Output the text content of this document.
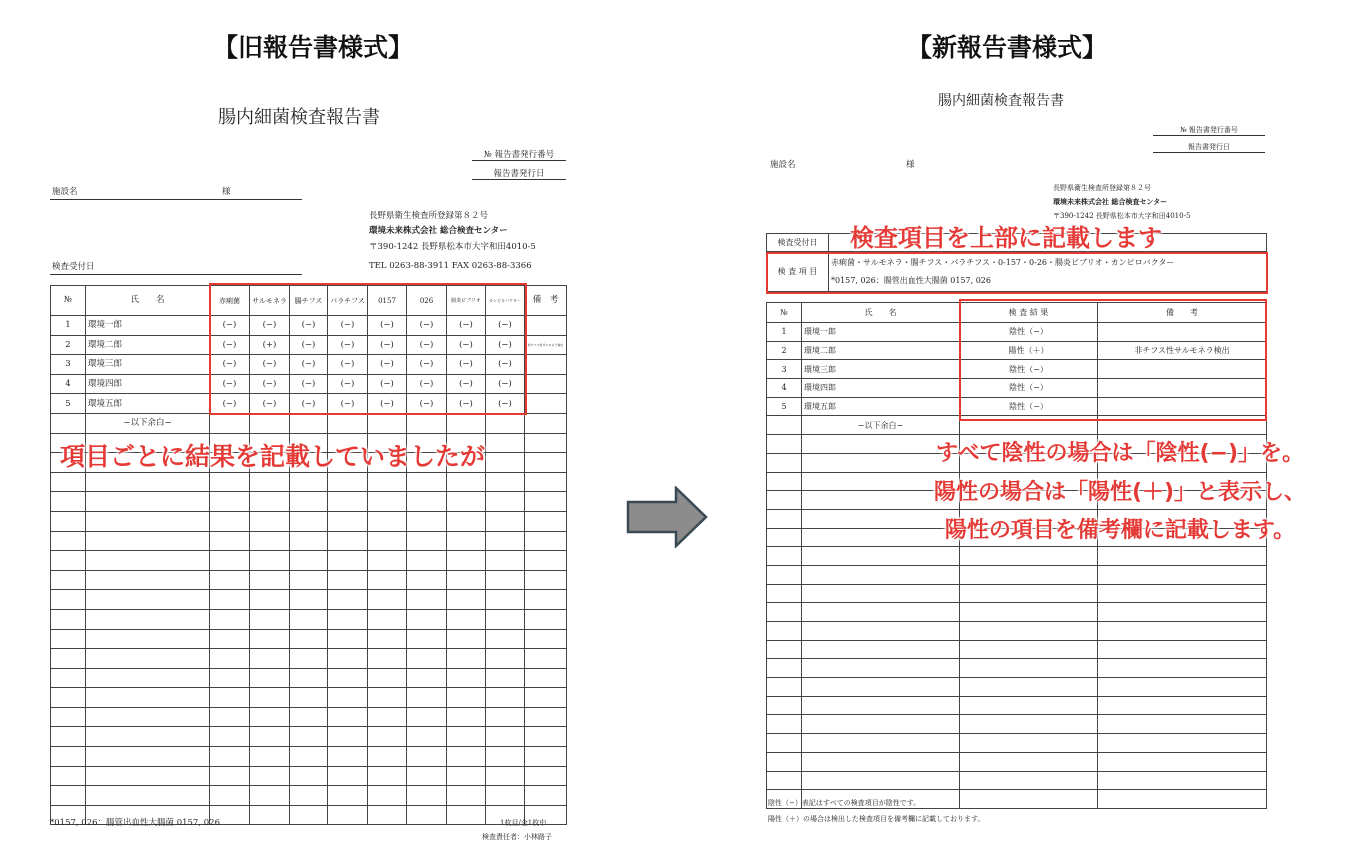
【旧報告書様式】
腸内細菌検査報告書
№ 報告書発行番号
報告書発行日
施設名	様
長野県衛生検査所登録第８２号
環境未来株式会社 総合検査センター
〒390-1242 長野県松本市大字和田4010-5
TEL 0263-88-3911 FAX 0263-88-3366
検査受付日
№	氏　　名	赤痢菌	サルモネラ	腸チフス	パラチフス	0157	026	腸炎ビブリオ	カンピロバクター	備　考
1	環境一郎	(−)	(−)	(−)	(−)	(−)	(−)	(−)	(−)	
2	環境二郎	(−)	(+)	(−)	(−)	(−)	(−)	(−)	(−)	非チフス性サルモネラ検出
3	環境三郎	(−)	(−)	(−)	(−)	(−)	(−)	(−)	(−)	
4	環境四郎	(−)	(−)	(−)	(−)	(−)	(−)	(−)	(−)	
5	環境五郎	(−)	(−)	(−)	(−)	(−)	(−)	(−)	(−)	
	−以下余白−									

*0157, 026：腸管出血性大腸菌 0157, 026	1枚目/全1枚中
検査責任者：小林路子
項目ごとに結果を記載していましたが
【新報告書様式】
腸内細菌検査報告書
№ 報告書発行番号
報告書発行日
施設名	様
長野県衛生検査所登録第８２号
環境未来株式会社 総合検査センター
〒390-1242 長野県松本市大字和田4010-5
検査受付日	
検 査 項 目	赤痢菌・サルモネラ・腸チフス・パラチフス・0-157・0-26・腸炎ビブリオ・カンピロバクター
*0157, 026：腸管出血性大腸菌 0157, 026
№	氏　　名	検 査 結 果	備　　考
1	環境一郎	陰性（−）	
2	環境二郎	陽性（＋）	非チフス性サルモネラ検出
3	環境三郎	陰性（−）	
4	環境四郎	陰性（−）	
5	環境五郎	陰性（−）	
	−以下余白−		

陰性（−）表記はすべての検査項目が陰性です。
陽性（＋）の場合は検出した検査項目を備考欄に記載しております。
検査項目を上部に記載します
すべて陰性の場合は「陰性(−)」を。
陽性の場合は「陽性(＋)」と表示し、
陽性の項目を備考欄に記載します。
